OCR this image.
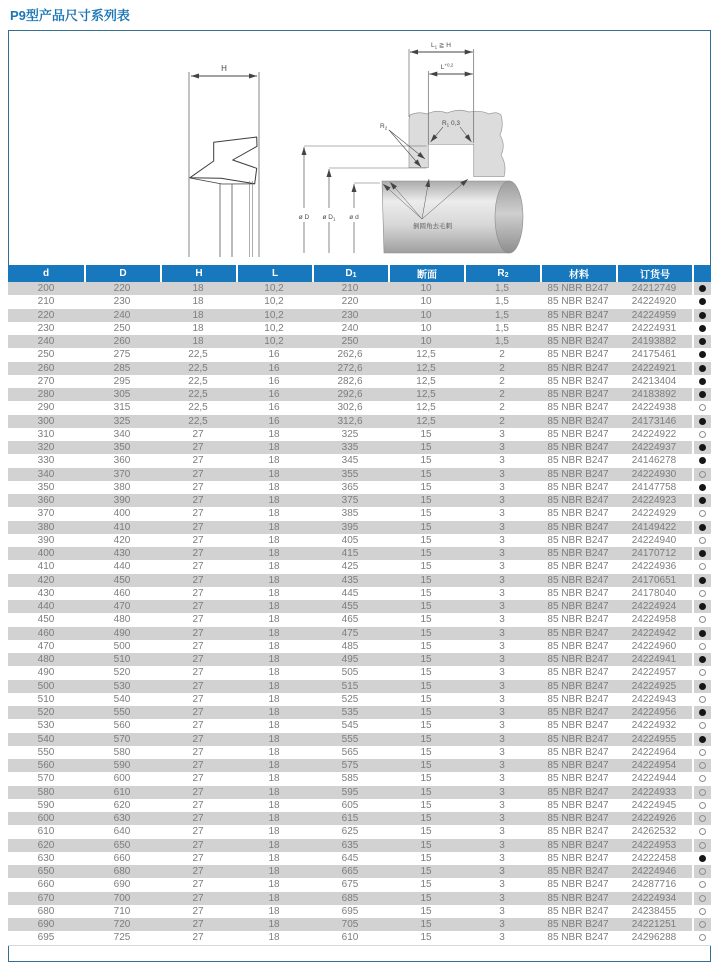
P9型产品尺寸系列表
H
$L_1$ ≧ H
$L^{+0,2}$
$R_1$ 0,3
$R_2$
ø D ø $D_1$ ø d
倒圆角去毛刺
d	D	H	L	$D_1$	断面	$R_2$	材料	订货号
200	220	18	10,2	210	10	1,5	85 NBR B247	24212749
210	230	18	10,2	220	10	1,5	85 NBR B247	24224920
220	240	18	10,2	230	10	1,5	85 NBR B247	24224959
230	250	18	10,2	240	10	1,5	85 NBR B247	24224931
240	260	18	10,2	250	10	1,5	85 NBR B247	24193882
250	275	22,5	16	262,6	12,5	2	85 NBR B247	24175461
260	285	22,5	16	272,6	12,5	2	85 NBR B247	24224921
270	295	22,5	16	282,6	12,5	2	85 NBR B247	24213404
280	305	22,5	16	292,6	12,5	2	85 NBR B247	24183892
290	315	22,5	16	302,6	12,5	2	85 NBR B247	24224938
300	325	22,5	16	312,6	12,5	2	85 NBR B247	24173146
310	340	27	18	325	15	3	85 NBR B247	24224922
320	350	27	18	335	15	3	85 NBR B247	24224937
330	360	27	18	345	15	3	85 NBR B247	24146278
340	370	27	18	355	15	3	85 NBR B247	24224930
350	380	27	18	365	15	3	85 NBR B247	24147758
360	390	27	18	375	15	3	85 NBR B247	24224923
370	400	27	18	385	15	3	85 NBR B247	24224929
380	410	27	18	395	15	3	85 NBR B247	24149422
390	420	27	18	405	15	3	85 NBR B247	24224940
400	430	27	18	415	15	3	85 NBR B247	24170712
410	440	27	18	425	15	3	85 NBR B247	24224936
420	450	27	18	435	15	3	85 NBR B247	24170651
430	460	27	18	445	15	3	85 NBR B247	24178040
440	470	27	18	455	15	3	85 NBR B247	24224924
450	480	27	18	465	15	3	85 NBR B247	24224958
460	490	27	18	475	15	3	85 NBR B247	24224942
470	500	27	18	485	15	3	85 NBR B247	24224960
480	510	27	18	495	15	3	85 NBR B247	24224941
490	520	27	18	505	15	3	85 NBR B247	24224957
500	530	27	18	515	15	3	85 NBR B247	24224925
510	540	27	18	525	15	3	85 NBR B247	24224943
520	550	27	18	535	15	3	85 NBR B247	24224956
530	560	27	18	545	15	3	85 NBR B247	24224932
540	570	27	18	555	15	3	85 NBR B247	24224955
550	580	27	18	565	15	3	85 NBR B247	24224964
560	590	27	18	575	15	3	85 NBR B247	24224954
570	600	27	18	585	15	3	85 NBR B247	24224944
580	610	27	18	595	15	3	85 NBR B247	24224933
590	620	27	18	605	15	3	85 NBR B247	24224945
600	630	27	18	615	15	3	85 NBR B247	24224926
610	640	27	18	625	15	3	85 NBR B247	24262532
620	650	27	18	635	15	3	85 NBR B247	24224953
630	660	27	18	645	15	3	85 NBR B247	24222458
650	680	27	18	665	15	3	85 NBR B247	24224946
660	690	27	18	675	15	3	85 NBR B247	24287716
670	700	27	18	685	15	3	85 NBR B247	24224934
680	710	27	18	695	15	3	85 NBR B247	24238455
690	720	27	18	705	15	3	85 NBR B247	24221251
695	725	27	18	610	15	3	85 NBR B247	24296288
